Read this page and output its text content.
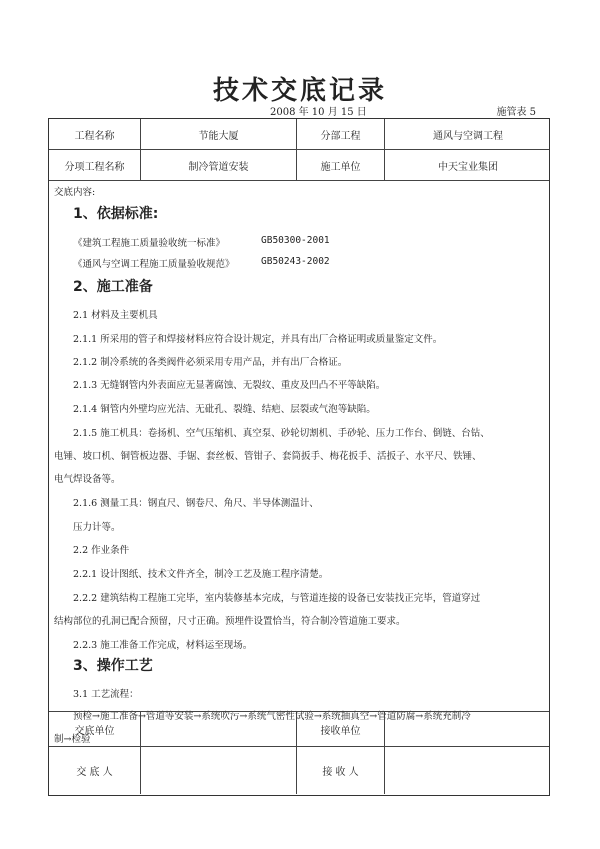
技术交底记录
2008 年 10 月 15 日	施管表 5
工程名称	节能大厦	分部工程	通风与空调工程
分项工程名称	制冷管道安装	施工单位	中天宝业集团
交底内容:
1、依据标准:
《建筑工程施工质量验收统一标准》	GB50300-2001
《通风与空调工程施工质量验收规范》	GB50243-2002
2、施工准备
2.1 材料及主要机具
2.1.1 所采用的管子和焊接材料应符合设计规定，并具有出厂合格证明或质量鉴定文件。
2.1.2 制冷系统的各类阀件必须采用专用产品，并有出厂合格证。
2.1.3 无缝钢管内外表面应无显著腐蚀、无裂纹、重皮及凹凸不平等缺陷。
2.1.4 铜管内外壁均应光洁、无砒孔、裂缝、结疤、层裂或气泡等缺陷。
2.1.5 施工机具：卷扬机、空气压缩机、真空泵、砂轮切割机、手砂轮、压力工作台、倒链、台钻、
电锤、坡口机、铜管板边器、手锯、套丝板、管钳子、套筒扳手、梅花扳手、活扳子、水平尺、铁锤、
电气焊设备等。
2.1.6 测量工具：钢直尺、钢卷尺、角尺、半导体测温计、
压力计等。
2.2 作业条件
2.2.1 设计图纸、技术文件齐全，制冷工艺及施工程序清楚。
2.2.2 建筑结构工程施工完毕，室内装修基本完成，与管道连接的设备已安装找正完毕，管道穿过
结构部位的孔洞已配合预留，尺寸正确。预埋件设置恰当，符合制冷管道施工要求。
2.2.3 施工准备工作完成，材料运至现场。
3、操作工艺
3.1 工艺流程：
预检→施工准备→管道等安装→系统吹污→系统气密性试验→系统抽真空→管道防腐→系统充制冷
制→检验
交底单位	接收单位
交 底 人	接 收 人
